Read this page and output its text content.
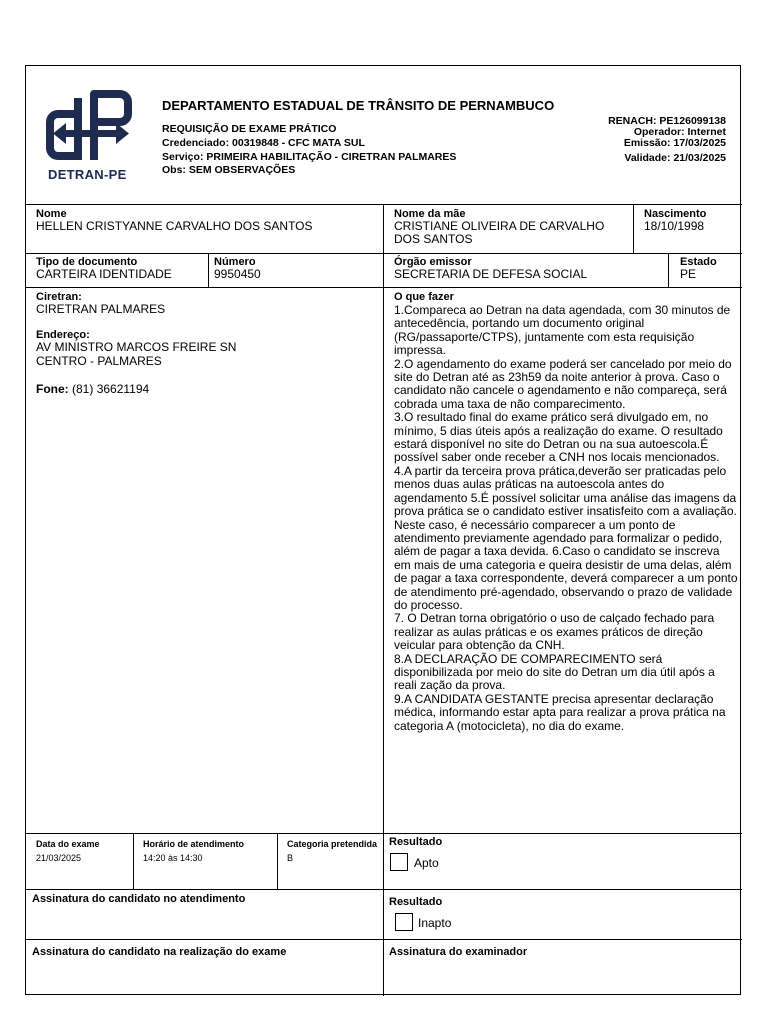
DETRAN-PE
DEPARTAMENTO ESTADUAL DE TRÂNSITO DE PERNAMBUCO
REQUISIÇÃO DE EXAME PRÁTICO
Credenciado: 00319848 - CFC MATA SUL
Serviço: PRIMEIRA HABILITAÇÃO - CIRETRAN PALMARES
Obs: SEM OBSERVAÇÕES
RENACH: PE126099138
Operador: Internet
Emissão: 17/03/2025
Validade: 21/03/2025
Nome
HELLEN CRISTYANNE CARVALHO DOS SANTOS
Nome da mãe
CRISTIANE OLIVEIRA DE CARVALHO
DOS SANTOS
Nascimento
18/10/1998
Tipo de documento
CARTEIRA IDENTIDADE
Número
9950450
Órgão emissor
SECRETARIA DE DEFESA SOCIAL
Estado
PE
Ciretran:
CIRETRAN PALMARES
Endereço:
AV MINISTRO MARCOS FREIRE SN
CENTRO - PALMARES
Fone: (81) 36621194
O que fazer

1.Compareca ao Detran na data agendada, com 30 minutos de antecedência, portando um documento original (RG/passaporte/CTPS), juntamente com esta requisição impressa.

2.O agendamento do exame poderá ser cancelado por meio do site do Detran até as 23h59 da noite anterior à prova. Caso o candidato não cancele o agendamento e não compareça, será cobrada uma taxa de não comparecimento.

3.O resultado final do exame prático será divulgado em, no mínimo, 5 dias úteis após a realização do exame. O resultado estará disponível no site do Detran ou na sua autoescola.É possível saber onde receber a CNH nos locais mencionados.

4.A partir da terceira prova prática,deverão ser praticadas pelo menos duas aulas práticas na autoescola antes do agendamento 5.É possível solicitar uma análise das imagens da prova prática se o candidato estiver insatisfeito com a avaliação. Neste caso, é necessário comparecer a um ponto de atendimento previamente agendado para formalizar o pedido, além de pagar a taxa devida. 6.Caso o candidato se inscreva em mais de uma categoria e queira desistir de uma delas, além de pagar a taxa correspondente, deverá comparecer a um ponto de atendimento pré-agendado, observando o prazo de validade do processo.

7. O Detran torna obrigatório o uso de calçado fechado para realizar as aulas práticas e os exames práticos de direção veicular para obtenção da CNH.

8.A DECLARAÇÃO DE COMPARECIMENTO será disponibilizada por meio do site do Detran um dia útil após a reali zação da prova.

9.A CANDIDATA GESTANTE precisa apresentar declaração médica, informando estar apta para realizar a prova prática na categoria A (motocicleta), no dia do exame.

Data do exame
21/03/2025
Horário de atendimento
14:20 às 14:30
Categoria pretendida
B
Resultado
Apto
Assinatura do candidato no atendimento	Resultado
Inapto
Assinatura do candidato na realização do exame	Assinatura do examinador
